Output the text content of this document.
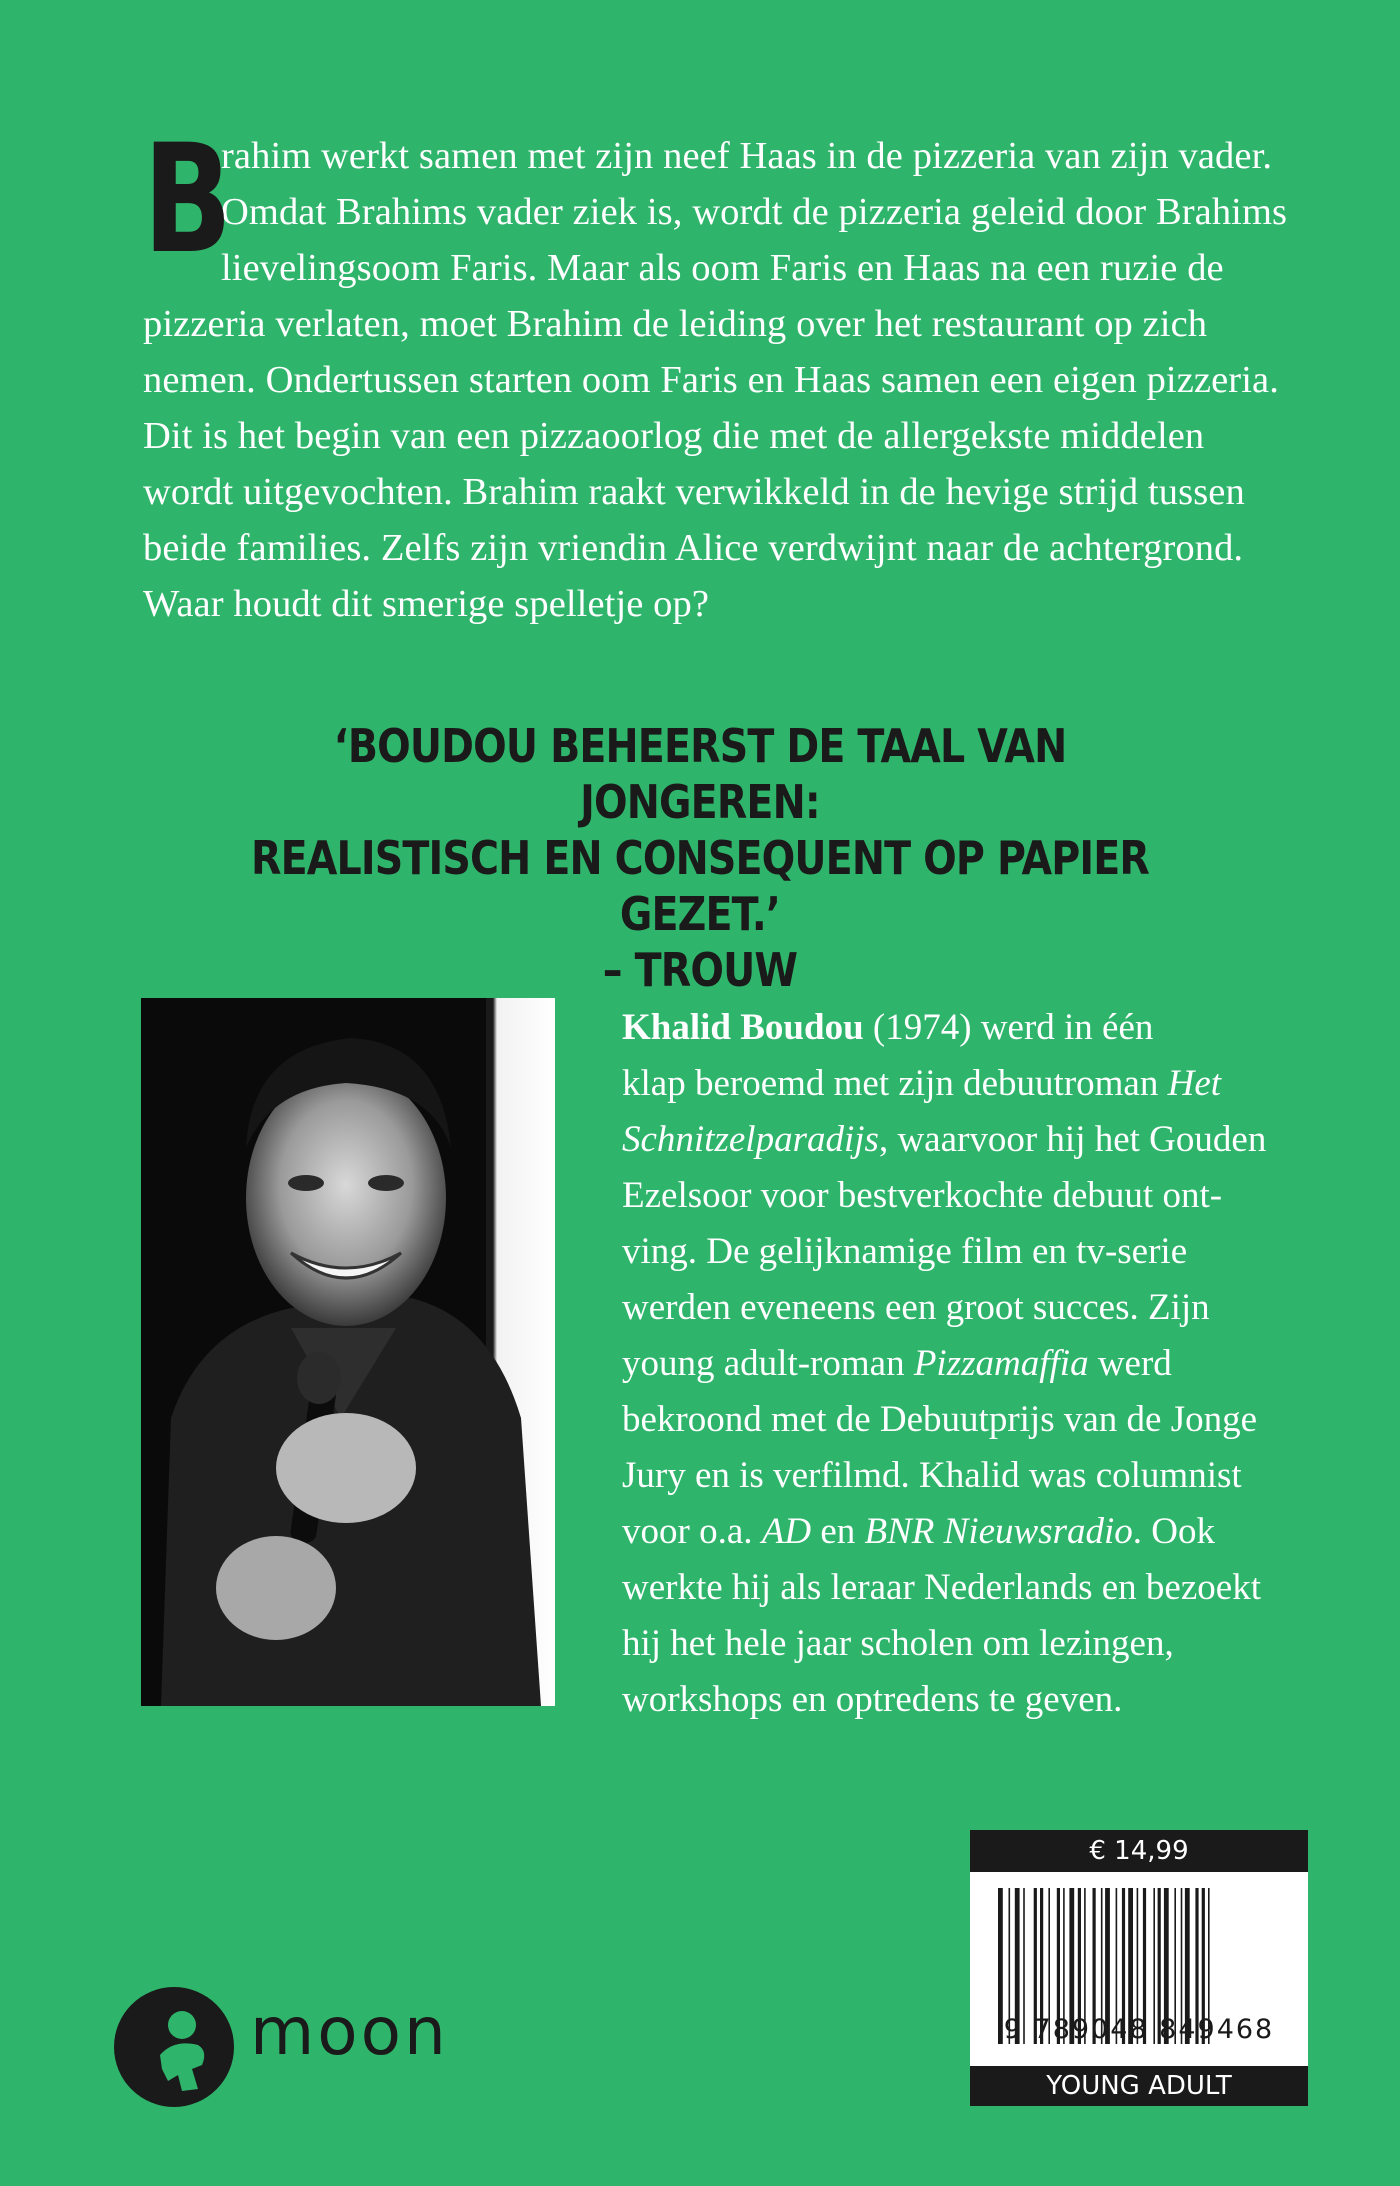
B
rahim werkt samen met zijn neef Haas in de pizzeria van zijn vader.
Omdat Brahims vader ziek is, wordt de pizzeria geleid door Brahims
lievelingsoom Faris. Maar als oom Faris en Haas na een ruzie de
pizzeria verlaten, moet Brahim de leiding over het restaurant op zich
nemen. Ondertussen starten oom Faris en Haas samen een eigen pizzeria.
Dit is het begin van een pizzaoorlog die met de allergekste middelen
wordt uitgevochten. Brahim raakt verwikkeld in de hevige strijd tussen
beide families. Zelfs zijn vriendin Alice verdwijnt naar de achtergrond.
Waar houdt dit smerige spelletje op?

‘BOUDOU BEHEERST DE TAAL VAN JONGEREN:
REALISTISCH EN CONSEQUENT OP PAPIER GEZET.’
– TROUW
Khalid Boudou (1974) werd in één
klap beroemd met zijn debuutroman Het
Schnitzelparadijs, waarvoor hij het Gouden
Ezelsoor voor bestverkochte debuut ont-
ving. De gelijknamige film en tv-serie
werden eveneens een groot succes. Zijn
young adult-roman Pizzamaffia werd
bekroond met de Debuutprijs van de Jonge
Jury en is verfilmd. Khalid was columnist
voor o.a. AD en BNR Nieuwsradio. Ook
werkte hij als leraar Nederlands en bezoekt
hij het hele jaar scholen om lezingen,
workshops en optredens te geven.
moon
€ 14,99
9 789048 849468
YOUNG ADULT
